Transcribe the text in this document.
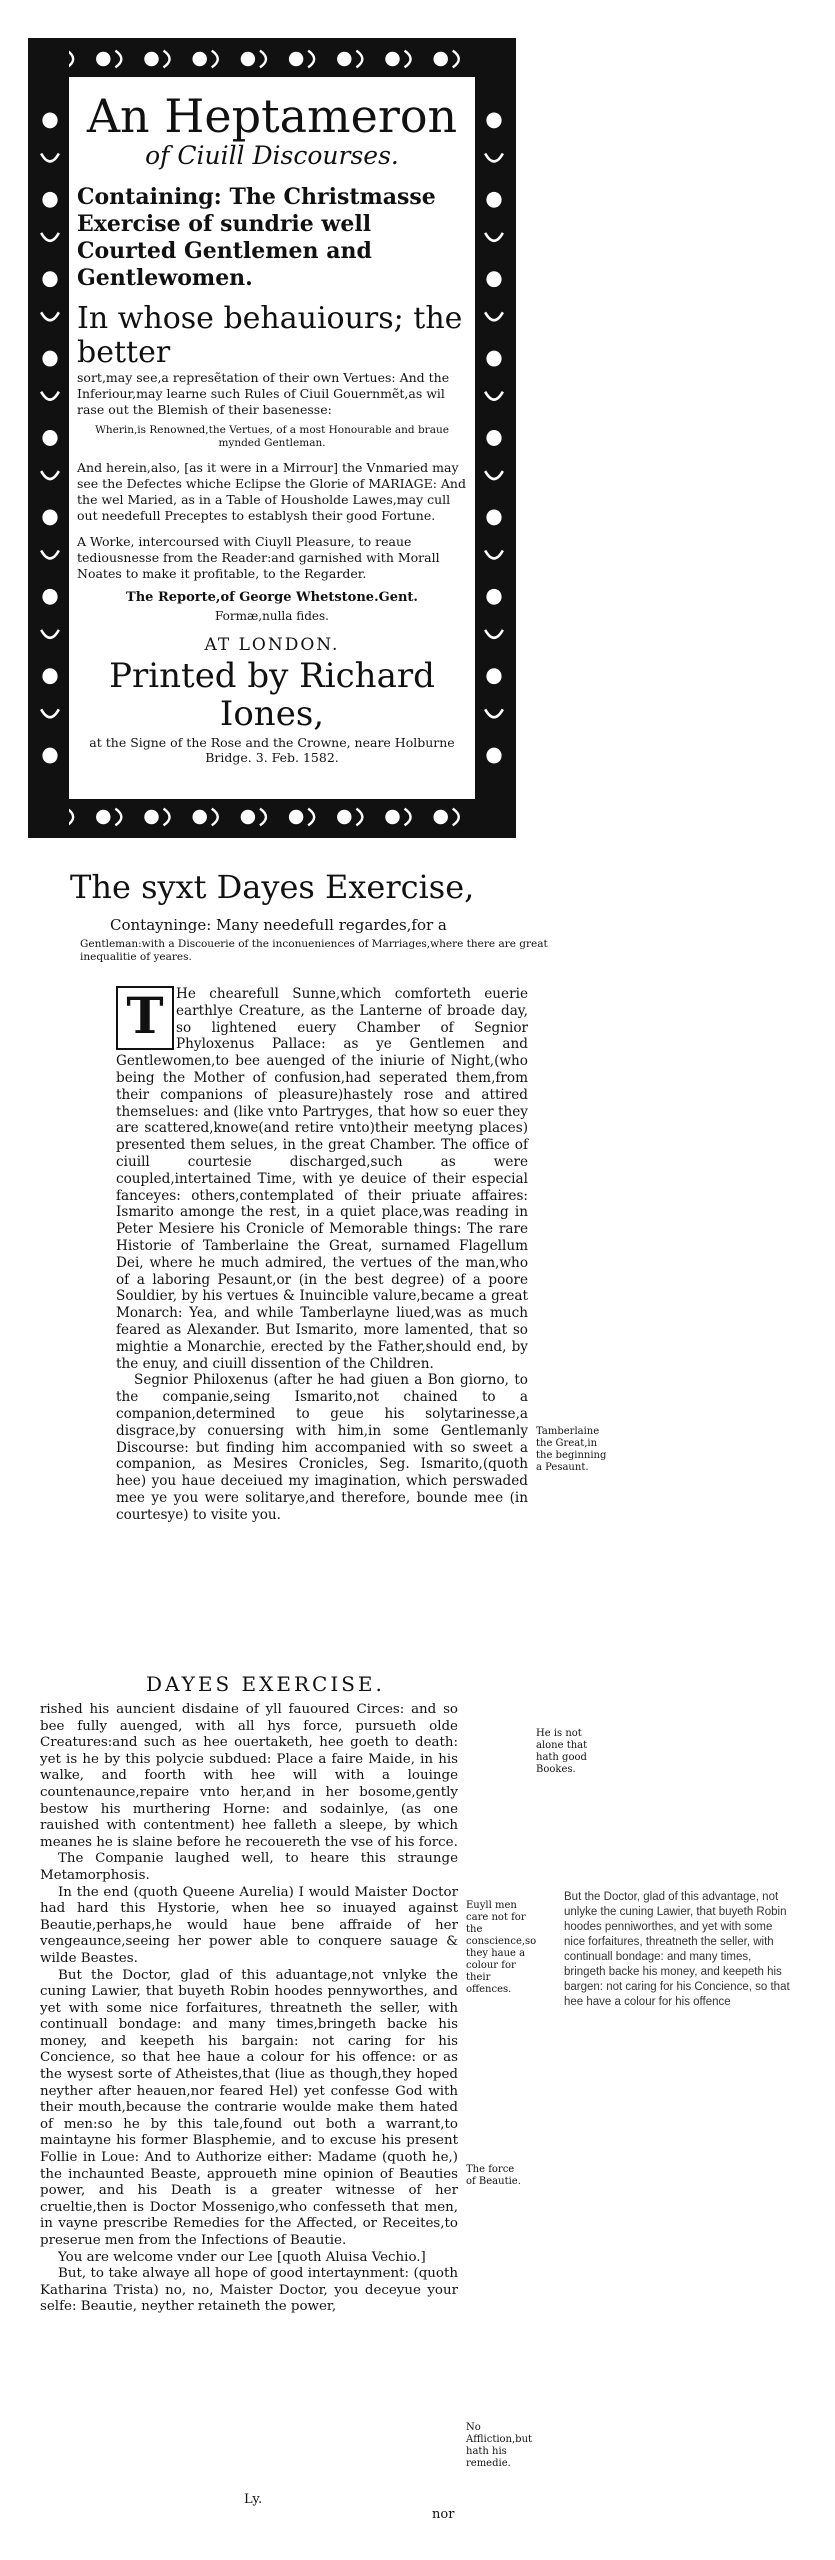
An Heptameron
of Ciuill Discourses.
Containing: The Christmasse Exercise of sundrie well Courted Gentlemen and Gentlewomen.
In whose behauiours; the better
sort,may see,a represẽtation of their own Vertues: And the Inferiour,may learne such Rules of Ciuil Gouernmẽt,as wil rase out the Blemish of their basenesse:
Wherin,is Renowned,the Vertues, of a most Honourable and braue mynded Gentleman.
And herein,also, [as it were in a Mirrour] the Vnmaried may see the Defectes whiche Eclipse the Glorie of MARIAGE: And the wel Maried, as in a Table of Housholde Lawes,may cull out needefull Preceptes to establysh their good Fortune.
A Worke, intercoursed with Ciuyll Pleasure, to reaue tediousnesse from the Reader:and garnished with Morall Noates to make it profitable, to the Regarder.
The Reporte,of George Whetstone.Gent.
Formæ,nulla fides.
AT LONDON.
Printed by Richard Iones,
at the Signe of the Rose and the Crowne, neare Holburne Bridge. 3. Feb. 1582.
The syxt Dayes Exercise,
Contayninge: Many needefull regardes,for a
Gentleman:with a Discouerie of the inconueniences of Marriages,where there are great inequalitie of yeares.

He chearefull Sunne,which comforteth euerie earthlye Creature, as the Lanterne of broade day, so lightened euery Chamber of Segnior Phyloxenus Pallace: as ye Gentlemen and Gentlewomen,to bee auenged of the iniurie of Night,(who being the Mother of confusion,had seperated them,from their companions of pleasure)hastely rose and attired themselues: and (like vnto Partryges, that how so euer they are scattered,knowe(and retire vnto)their meetyng places) presented them selues, in the great Chamber. The office of ciuill courtesie discharged,such as were coupled,intertained Time, with ye deuice of their especial fanceyes: others,contemplated of their priuate affaires: Ismarito amonge the rest, in a quiet place,was reading in Peter Mesiere his Cronicle of Memorable things: The rare Historie of Tamberlaine the Great, surnamed Flagellum Dei, where he much admired, the vertues of the man,who of a laboring Pesaunt,or (in the best degree) of a poore Souldier, by his vertues & Inuincible valure,became a great Monarch: Yea, and while Tamberlayne liued,was as much feared as Alexander. But Ismarito, more lamented, that so mightie a Monarchie, erected by the Father,should end, by the enuy, and ciuill dissention of the Children.

Segnior Philoxenus (after he had giuen a Bon giorno, to the companie,seing Ismarito,not chained to a companion,determined to geue his solytarinesse,a disgrace,by conuersing with him,in some Gentlemanly Discourse: but finding him accompanied with so sweet a companion, as Mesires Cronicles, Seg. Ismarito,(quoth hee) you haue deceiued my imagination, which perswaded mee ye you were solitarye,and therefore, bounde mee (in courtesye) to visite you.

T
Tamberlaine the Great,in the beginning a Pesaunt.
He is not alone that hath good Bookes.
DAYES EXERCISE.

rished his auncient disdaine of yll fauoured Circes: and so bee fully auenged, with all hys force, pursueth olde Creatures:and such as hee ouertaketh, hee goeth to death: yet is he by this polycie subdued: Place a faire Maide, in his walke, and foorth with hee will with a louinge countenaunce,repaire vnto her,and in her bosome,gently bestow his murthering Horne: and sodainlye, (as one rauished with contentment) hee falleth a sleepe, by which meanes he is slaine before he recouereth the vse of his force.

The Companie laughed well, to heare this straunge Metamorphosis.

In the end (quoth Queene Aurelia) I would Maister Doctor had hard this Hystorie, when hee so inuayed against Beautie,perhaps,he would haue bene affraide of her vengeaunce,seeing her power able to conquere sauage & wilde Beastes.

But the Doctor, glad of this aduantage,not vnlyke the cuning Lawier, that buyeth Robin hoodes pennyworthes, and yet with some nice forfaitures, threatneth the seller, with continuall bondage: and many times,bringeth backe his money, and keepeth his bargain: not caring for his Concience, so that hee haue a colour for his offence: or as the wysest sorte of Atheistes,that (liue as though,they hoped neyther after heauen,nor feared Hel) yet confesse God with their mouth,because the contrarie woulde make them hated of men:so he by this tale,found out both a warrant,to maintayne his former Blasphemie, and to excuse his present Follie in Loue: And to Authorize either: Madame (quoth he,) the inchaunted Beaste, approueth mine opinion of Beauties power, and his Death is a greater witnesse of her crueltie,then is Doctor Mossenigo,who confesseth that men, in vayne prescribe Remedies for the Affected, or Receites,to preserue men from the Infections of Beautie.

You are welcome vnder our Lee [quoth Aluisa Vechio.]

But, to take alwaye all hope of good intertaynment: (quoth Katharina Trista) no, no, Maister Doctor, you deceyue your selfe: Beautie, neyther retaineth the power,

Euyll men care not for the conscience,so they haue a colour for their offences.
The force of Beautie.
No Affliction,but hath his remedie.
Ly.
nor
But the Doctor, glad of this advantage, not unlyke the cuning Lawier, that buyeth Robin hoodes penniworthes, and yet with some nice forfaitures, threatneth the seller, with continuall bondage: and many times, bringeth backe his money, and keepeth his bargen: not caring for his Concience, so that hee have a colour for his offence
